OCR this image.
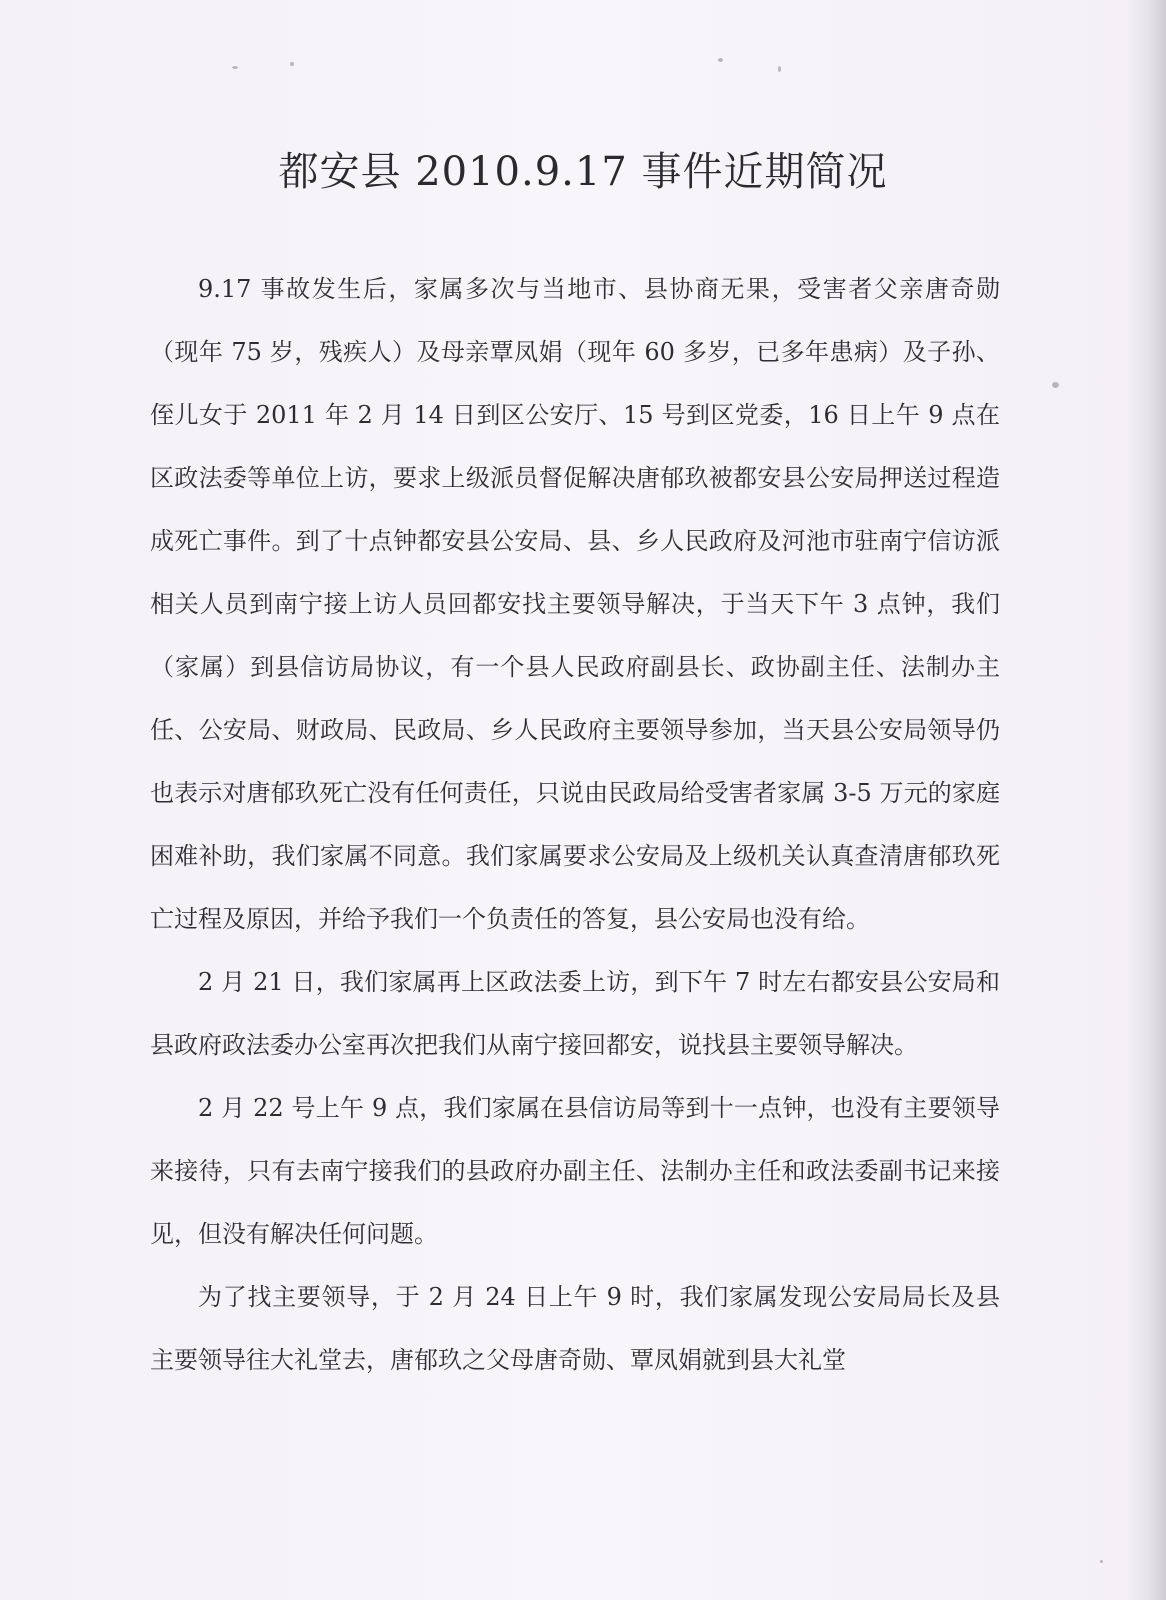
都安县 2010.9.17 事件近期简况

9.17 事故发生后，家属多次与当地市、县协商无果，受害者父亲唐奇勋（现年 75 岁，残疾人）及母亲覃凤娟（现年 60 多岁，已多年患病）及子孙、侄儿女于 2011 年 2 月 14 日到区公安厅、15 号到区党委，16 日上午 9 点在区政法委等单位上访，要求上级派员督促解决唐郁玖被都安县公安局押送过程造成死亡事件。到了十点钟都安县公安局、县、乡人民政府及河池市驻南宁信访派相关人员到南宁接上访人员回都安找主要领导解决，于当天下午 3 点钟，我们（家属）到县信访局协议，有一个县人民政府副县长、政协副主任、法制办主任、公安局、财政局、民政局、乡人民政府主要领导参加，当天县公安局领导仍也表示对唐郁玖死亡没有任何责任，只说由民政局给受害者家属 3-5 万元的家庭困难补助，我们家属不同意。我们家属要求公安局及上级机关认真查清唐郁玖死亡过程及原因，并给予我们一个负责任的答复，县公安局也没有给。

2 月 21 日，我们家属再上区政法委上访，到下午 7 时左右都安县公安局和县政府政法委办公室再次把我们从南宁接回都安，说找县主要领导解决。

2 月 22 号上午 9 点，我们家属在县信访局等到十一点钟，也没有主要领导来接待，只有去南宁接我们的县政府办副主任、法制办主任和政法委副书记来接见，但没有解决任何问题。

为了找主要领导，于 2 月 24 日上午 9 时，我们家属发现公安局局长及县主要领导往大礼堂去，唐郁玖之父母唐奇勋、覃凤娟就到县大礼堂
